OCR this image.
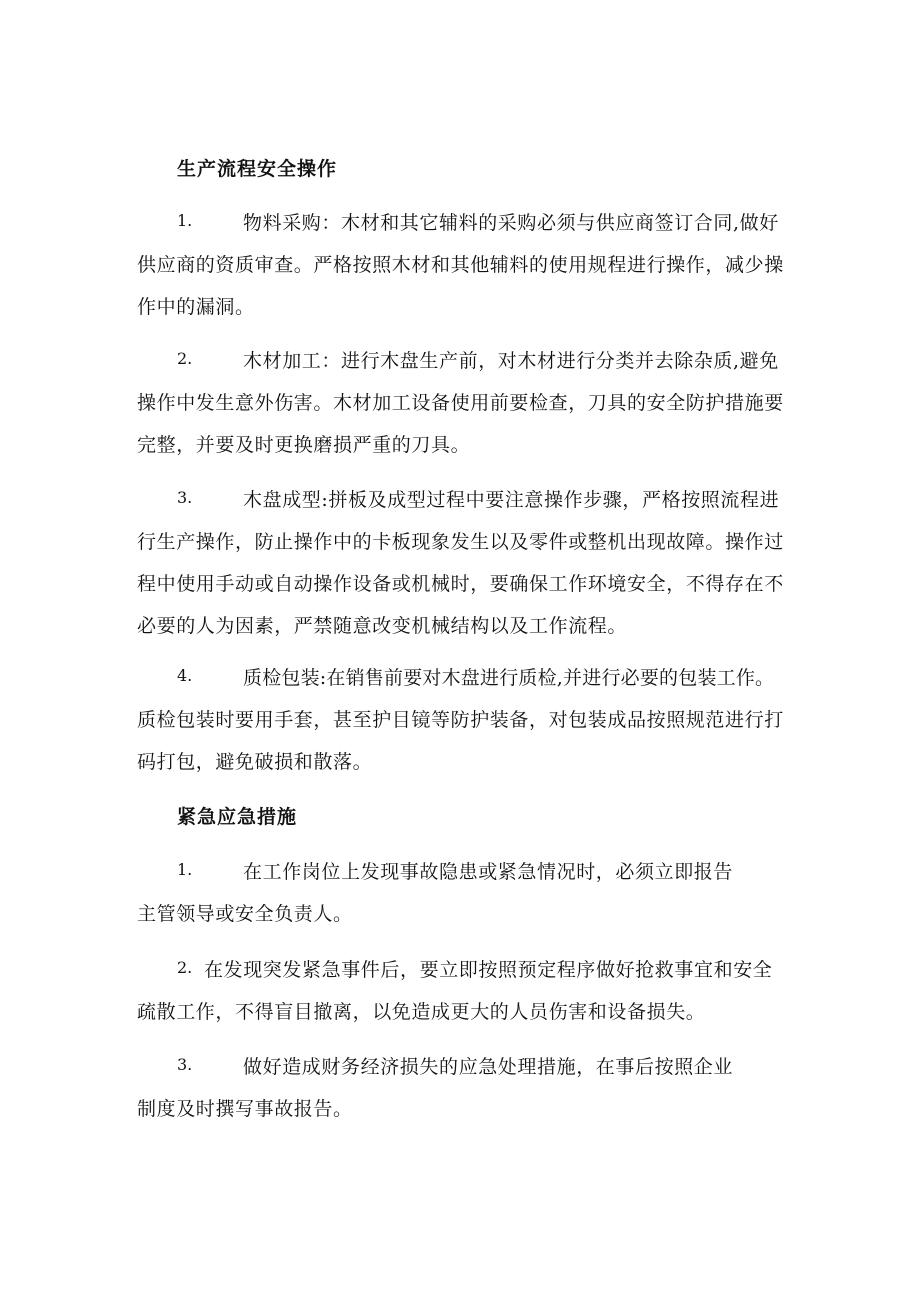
生产流程安全操作
1.	物料采购：木材和其它辅料的采购必须与供应商签订合同,做好
供应商的资质审查。严格按照木材和其他辅料的使用规程进行操作，减少操
作中的漏洞。
2.	木材加工：进行木盘生产前，对木材进行分类并去除杂质,避免
操作中发生意外伤害。木材加工设备使用前要检查，刀具的安全防护措施要
完整，并要及时更换磨损严重的刀具。
3.	木盘成型:拼板及成型过程中要注意操作步骤，严格按照流程进
行生产操作，防止操作中的卡板现象发生以及零件或整机出现故障。操作过
程中使用手动或自动操作设备或机械时，要确保工作环境安全，不得存在不
必要的人为因素，严禁随意改变机械结构以及工作流程。
4.	质检包装:在销售前要对木盘进行质检,并进行必要的包装工作。
质检包装时要用手套，甚至护目镜等防护装备，对包装成品按照规范进行打
码打包，避免破损和散落。
紧急应急措施
1.	在工作岗位上发现事故隐患或紧急情况时，必须立即报告
主管领导或安全负责人。
2. 在发现突发紧急事件后，要立即按照预定程序做好抢救事宜和安全
疏散工作，不得盲目撤离，以免造成更大的人员伤害和设备损失。
3.	做好造成财务经济损失的应急处理措施，在事后按照企业
制度及时撰写事故报告。
